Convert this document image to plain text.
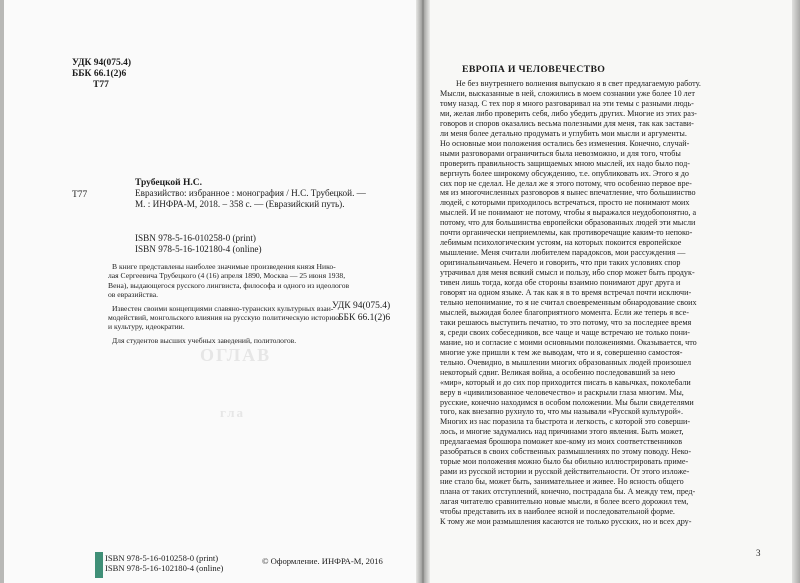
УДК 94(075.4)
ББК 66.1(2)6
Т77
Трубецкой Н.С.
Т77	Евразийство: избранное : монография / Н.С. Трубецкой. —
М. : ИНФРА-М, 2018. – 358 с. — (Евразийский путь).
ISBN 978-5-16-010258-0 (print)
ISBN 978-5-16-102180-4 (online)
В книге представлены наиболее значимые произведения князя Нико-
лая Сергеевича Трубецкого (4 (16) апреля 1890, Москва — 25 июня 1938,
Вена), выдающегося русского лингвиста, философа и одного из идеологов
ов евразийства.
Известен своими концепциями славяно-туранских культурных взаи-
модействий, монгольского влияния на русскую политическую историю
и культуру, идеократии.
Для студентов высших учебных заведений, политологов.
ОГЛАВ
гла
УДК 94(075.4)
ББК 66.1(2)6
ISBN 978-5-16-010258-0 (print)
ISBN 978-5-16-102180-4 (online)
© Оформление. ИНФРА-М, 2016
ЕВРОПА И ЧЕЛОВЕЧЕСТВО
Не без внутреннего волнения выпускаю я в свет предлагаемую работу.
Мысли, высказанные в ней, сложились в моем сознании уже более 10 лет
тому назад. С тех пор я много разговаривал на эти темы с разными людь-
ми, желая либо проверить себя, либо убедить других. Многие из этих раз-
говоров и споров оказались весьма полезными для меня, так как застави-
ли меня более детально продумать и углубить мои мысли и аргументы.
Но основные мои положения остались без изменения. Конечно, случай-
ными разговорами ограничиться была невозможно, и для того, чтобы
проверить правильность защищаемых мною мыслей, их надо было под-
вергнуть более широкому обсуждению, т.е. опубликовать их. Этого я до
сих пор не сделал. Не делал же я этого потому, что особенно первое вре-
мя из многочисленных разговоров я вынес впечатление, что большинство
людей, с которыми приходилось встречаться, просто не понимают моих
мыслей. И не понимают не потому, чтобы я выражался неудобопонятно, а
потому, что для большинства европейски образованных людей эти мысли
почти органически неприемлемы, как противоречащие каким-то непоко-
лебимым психологическим устоям, на которых покоится европейское
мышление. Меня считали любителем парадоксов, мои рассуждения —
оригинальничаньем. Нечего и говорить, что при таких условиях спор
утрачивал для меня всякий смысл и пользу, ибо спор может быть продук-
тивен лишь тогда, когда обе стороны взаимно понимают друг друга и
говорят на одном языке. А так как я в то время встречал почти исключи-
тельно непонимание, то я не считал своевременным обнародование своих
мыслей, выжидая более благоприятного момента. Если же теперь я все-
таки решаюсь выступить печатно, то это потому, что за последнее время
я, среди своих собеседников, все чаще и чаще встречаю не только пони-
мание, но и согласие с моими основными положениями. Оказывается, что
многие уже пришли к тем же выводам, что и я, совершенно самостоя-
тельно. Очевидно, в мышлении многих образованных людей произошел
некоторый сдвиг. Великая война, а особенно последовавший за нею
«мир», который и до сих пор приходится писать в кавычках, поколебали
веру в «цивилизованное человечество» и раскрыли глаза многим. Мы,
русские, конечно находимся в особом положении. Мы были свидетелями
того, как внезапно рухнуло то, что мы называли «Русской культурой».
Многих из нас поразила та быстрота и легкость, с которой это соверши-
лось, и многие задумались над причинами этого явления. Быть может,
предлагаемая брошюра поможет кое-кому из моих соответственников
разобраться в своих собственных размышлениях по этому поводу. Неко-
торые мои положения можно было бы обильно иллюстрировать приме-
рами из русской истории и русской действительности. От этого изложе-
ние стало бы, может быть, занимательнее и живее. Но ясность общего
плана от таких отступлений, конечно, пострадала бы. А между тем, пред-
лагая читателю сравнительно новые мысли, я более всего дорожил тем,
чтобы представить их в наиболее ясной и последовательной форме.
К тому же мои размышления касаются не только русских, но и всех дру-
3
